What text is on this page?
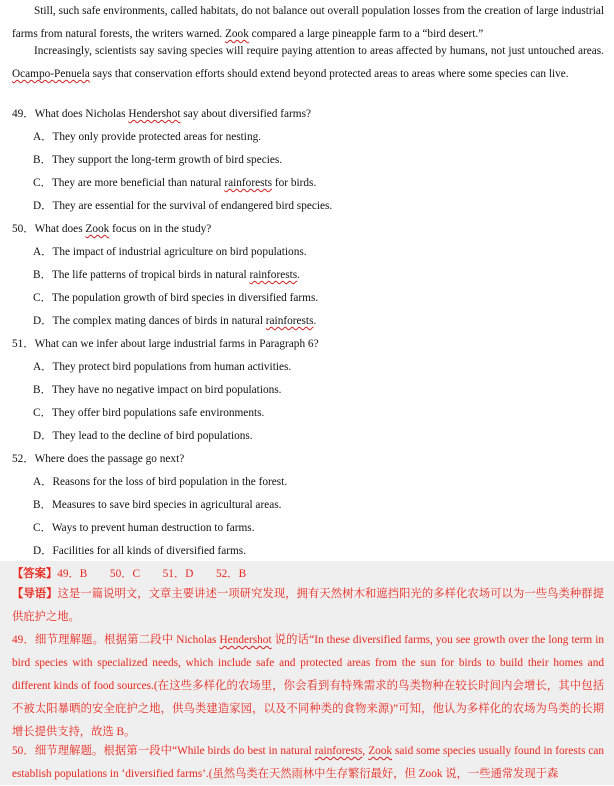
Still, such safe environments, called habitats, do not balance out overall population losses from the creation of large industrial farms from natural forests, the writers warned. Zook compared a large pineapple farm to a “bird desert.”
Increasingly, scientists say saving species will require paying attention to areas affected by humans, not just untouched areas. Ocampo-Penuela says that conservation efforts should extend beyond protected areas to areas where some species can live.
49．What does Nicholas Hendershot say about diversified farms?
A．They only provide protected areas for nesting.
B．They support the long-term growth of bird species.
C．They are more beneficial than natural rainforests for birds.
D．They are essential for the survival of endangered bird species.
50．What does Zook focus on in the study?
A．The impact of industrial agriculture on bird populations.
B．The life patterns of tropical birds in natural rainforests.
C．The population growth of bird species in diversified farms.
D．The complex mating dances of birds in natural rainforests.
51．What can we infer about large industrial farms in Paragraph 6?
A．They protect bird populations from human activities.
B．They have no negative impact on bird populations.
C．They offer bird populations safe environments.
D．They lead to the decline of bird populations.
52．Where does the passage go next?
A．Reasons for the loss of bird population in the forest.
B．Measures to save bird species in agricultural areas.
C．Ways to prevent human destruction to farms.
D．Facilities for all kinds of diversified farms.
【答案】49．B　　50．C　　51．D　　52．B
【导语】这是一篇说明文，文章主要讲述一项研究发现，拥有天然树木和遮挡阳光的多样化农场可以为一些鸟类种群提供庇护之地。
49．细节理解题。根据第二段中 Nicholas Hendershot 说的话“In these diversified farms, you see growth over the long term in bird species with specialized needs, which include safe and protected areas from the sun for birds to build their homes and different kinds of food sources.(在这些多样化的农场里，你会看到有特殊需求的鸟类物种在较长时间内会增长，其中包括不被太阳暴晒的安全庇护之地，供鸟类建造家园，以及不同种类的食物来源)”可知，他认为多样化的农场为鸟类的长期增长提供支持，故选 B。
50．细节理解题。根据第一段中“While birds do best in natural rainforests, Zook said some species usually found in forests can establish populations in ‘diversified farms’.(虽然鸟类在天然雨林中生存繁衍最好，但 Zook 说，一些通常发现于森
